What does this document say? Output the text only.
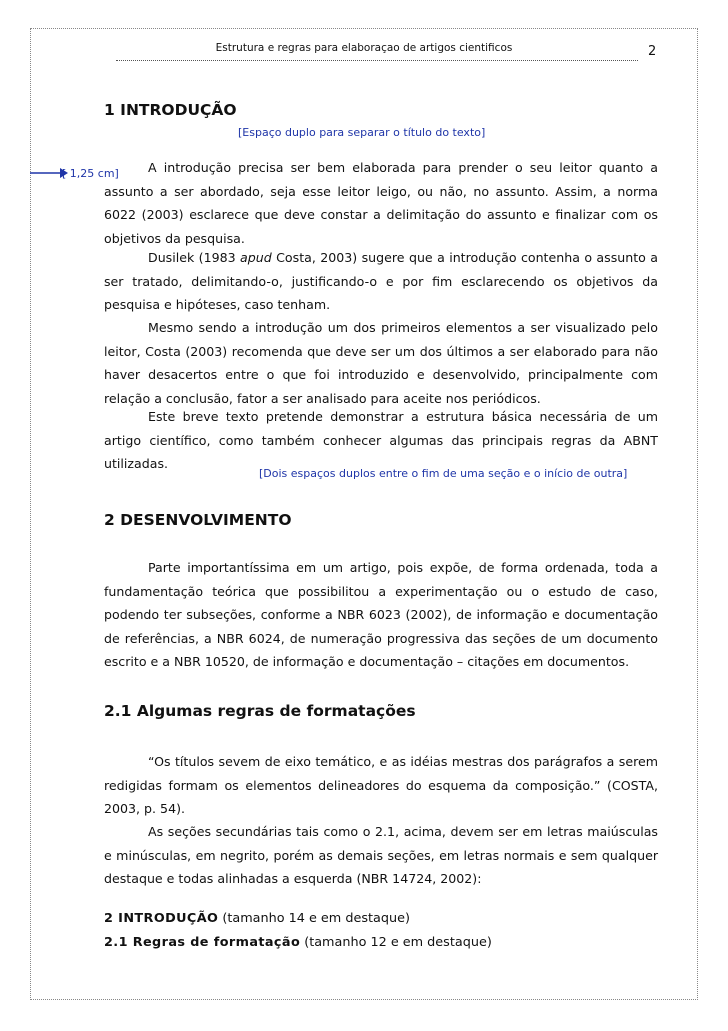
Estrutura e regras para elaboraçao de artigos cientificos	2
1 INTRODUÇÃO
[Espaço duplo para separar o título do texto]
[ 1,25 cm]	A introdução precisa ser bem elaborada para prender o seu leitor quanto a assunto a ser abordado, seja esse leitor leigo, ou não, no assunto. Assim, a norma 6022 (2003) esclarece que deve constar a delimitação do assunto e finalizar com os objetivos da pesquisa.

Dusilek (1983 apud Costa, 2003) sugere que a introdução contenha o assunto a ser tratado, delimitando-o, justificando-o e por fim esclarecendo os objetivos da pesquisa e hipóteses, caso tenham.

Mesmo sendo a introdução um dos primeiros elementos a ser visualizado pelo leitor, Costa (2003) recomenda que deve ser um dos últimos a ser elaborado para não haver desacertos entre o que foi introduzido e desenvolvido, principalmente com relação a conclusão, fator a ser analisado para aceite nos periódicos.

Este breve texto pretende demonstrar a estrutura básica necessária de um artigo científico, como também conhecer algumas das principais regras da ABNT utilizadas.

[Dois espaços duplos entre o fim de uma seção e o início de outra]
2 DESENVOLVIMENTO

Parte importantíssima em um artigo, pois expõe, de forma ordenada, toda a fundamentação teórica que possibilitou a experimentação ou o estudo de caso, podendo ter subseções, conforme a NBR 6023 (2002), de informação e documentação de referências, a NBR 6024, de numeração progressiva das seções de um documento escrito e a NBR 10520, de informação e documentação – citações em documentos.

2.1 Algumas regras de formatações

“Os títulos sevem de eixo temático, e as idéias mestras dos parágrafos a serem redigidas formam os elementos delineadores do esquema da composição.” (COSTA, 2003, p. 54).

As seções secundárias tais como o 2.1, acima, devem ser em letras maiúsculas e minúsculas, em negrito, porém as demais seções, em letras normais e sem qualquer destaque e todas alinhadas a esquerda (NBR 14724, 2002):

2 INTRODUÇÃO (tamanho 14 e em destaque)
2.1 Regras de formatação (tamanho 12 e em destaque)
